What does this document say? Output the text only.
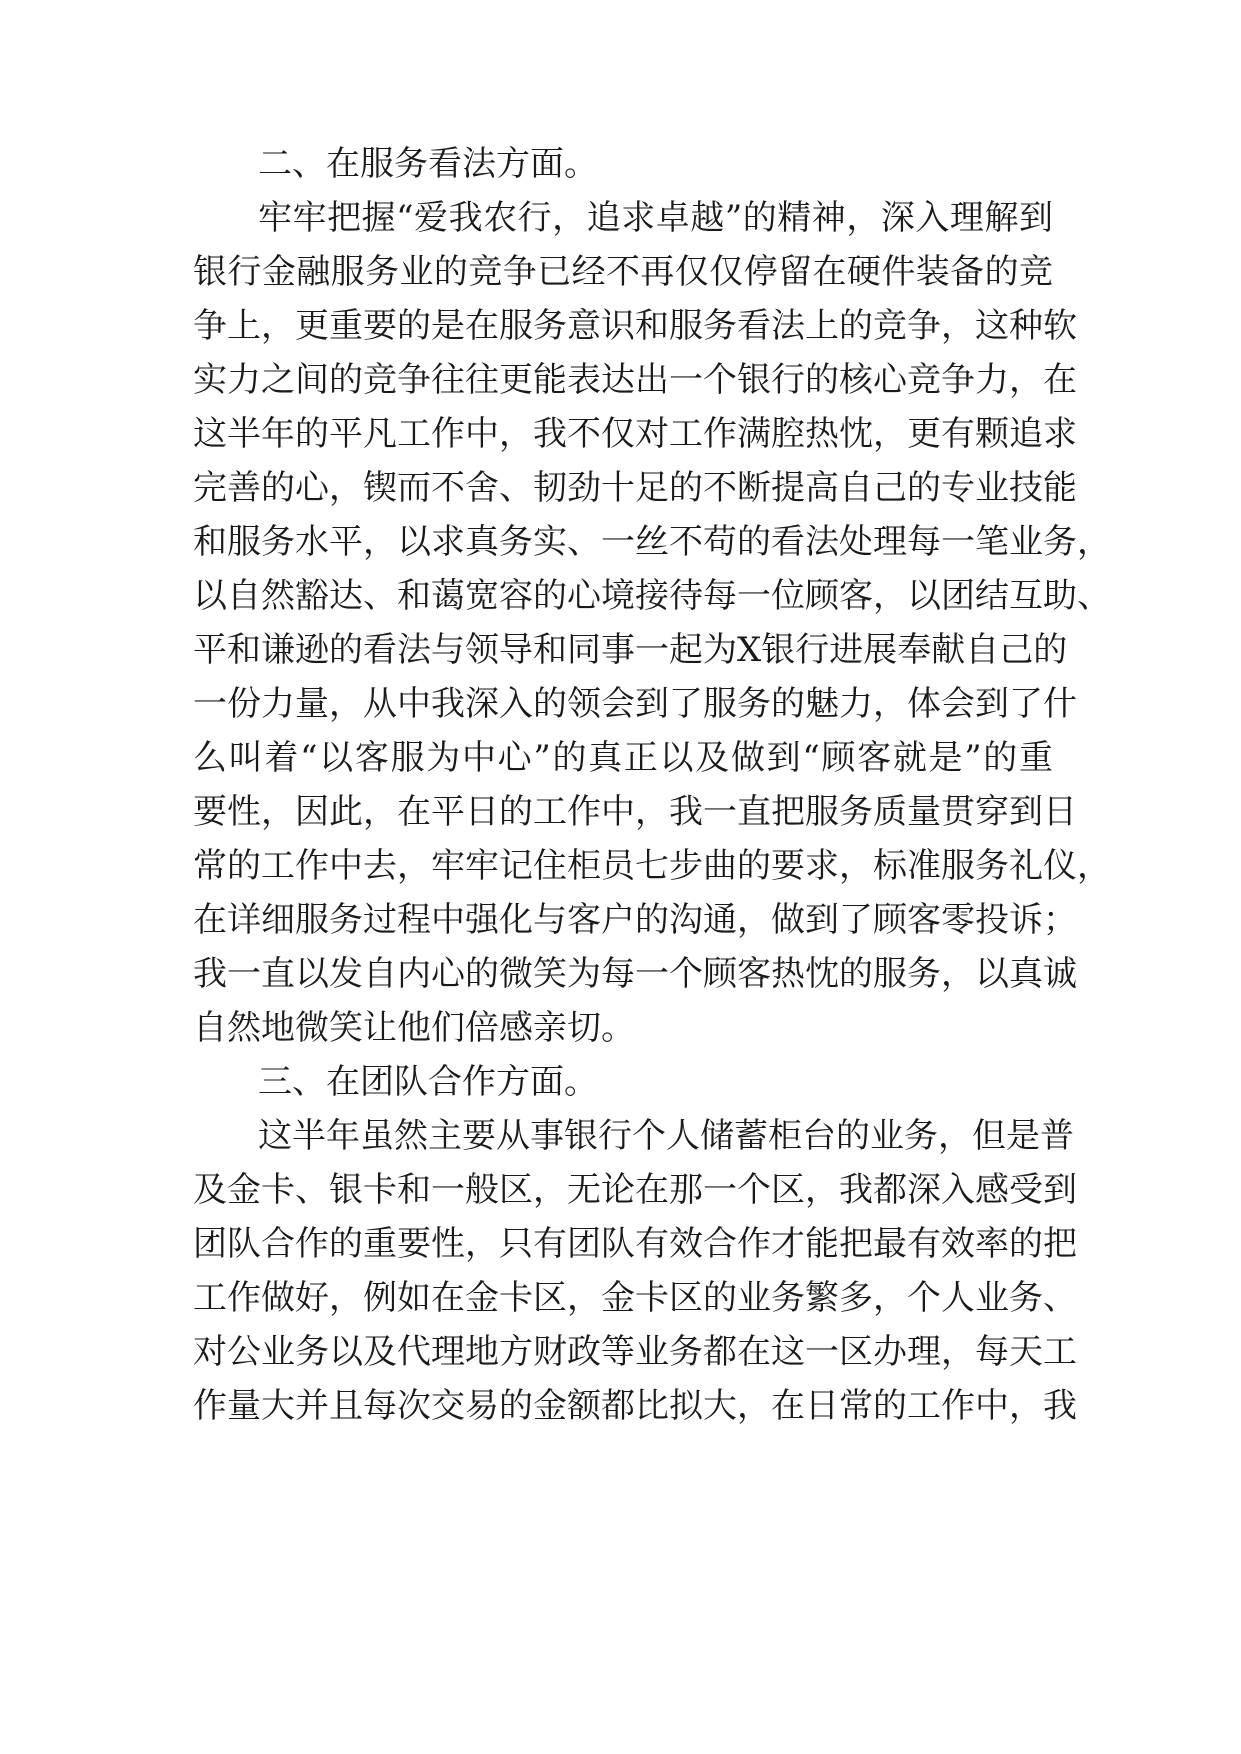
二、在服务看法方面。
牢牢把握“爱我农行，追求卓越”的精神，深入理解到
银行金融服务业的竞争已经不再仅仅停留在硬件装备的竞
争上，更重要的是在服务意识和服务看法上的竞争，这种软
实力之间的竞争往往更能表达出一个银行的核心竞争力，在
这半年的平凡工作中，我不仅对工作满腔热忱，更有颗追求
完善的心，锲而不舍、韧劲十足的不断提高自己的专业技能
和服务水平，以求真务实、一丝不苟的看法处理每一笔业务，
以自然豁达、和蔼宽容的心境接待每一位顾客，以团结互助、
平和谦逊的看法与领导和同事一起为X银行进展奉献自己的
一份力量，从中我深入的领会到了服务的魅力，体会到了什
么叫着“以客服为中心”的真正以及做到“顾客就是”的重
要性，因此，在平日的工作中，我一直把服务质量贯穿到日
常的工作中去，牢牢记住柜员七步曲的要求，标准服务礼仪，
在详细服务过程中强化与客户的沟通，做到了顾客零投诉；
我一直以发自内心的微笑为每一个顾客热忱的服务，以真诚
自然地微笑让他们倍感亲切。
三、在团队合作方面。
这半年虽然主要从事银行个人储蓄柜台的业务，但是普
及金卡、银卡和一般区，无论在那一个区，我都深入感受到
团队合作的重要性，只有团队有效合作才能把最有效率的把
工作做好，例如在金卡区，金卡区的业务繁多，个人业务、
对公业务以及代理地方财政等业务都在这一区办理，每天工
作量大并且每次交易的金额都比拟大，在日常的工作中，我
